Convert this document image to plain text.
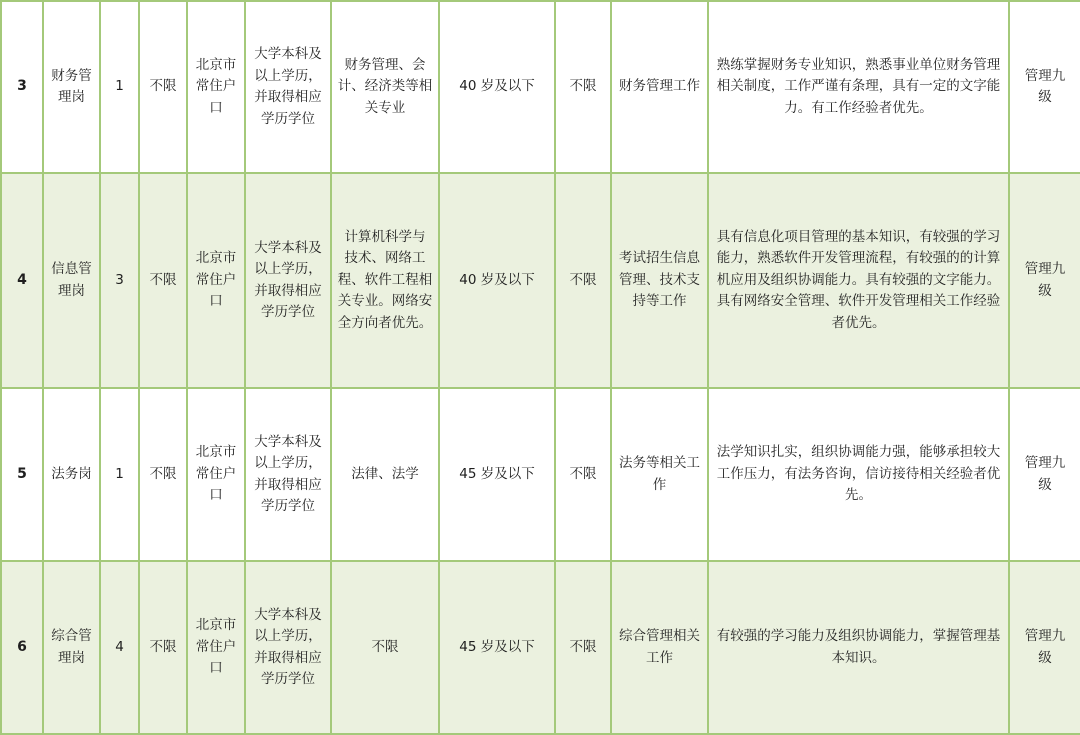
3	财务管
理岗	1	不限	北京市
常住户
口	大学本科及
以上学历，
并取得相应
学历学位	财务管理、会
计、经济类等相
关专业	40 岁及以下	不限	财务管理工作	熟练掌握财务专业知识，熟悉事业单位财务管理
相关制度，工作严谨有条理，具有一定的文字能
力。有工作经验者优先。	管理九
级
4	信息管
理岗	3	不限	北京市
常住户
口	大学本科及
以上学历，
并取得相应
学历学位	计算机科学与
技术、网络工
程、软件工程相
关专业。网络安
全方向者优先。	40 岁及以下	不限	考试招生信息
管理、技术支
持等工作	具有信息化项目管理的基本知识，有较强的学习
能力，熟悉软件开发管理流程，有较强的的计算
机应用及组织协调能力。具有较强的文字能力。
具有网络安全管理、软件开发管理相关工作经验
者优先。	管理九
级
5	法务岗	1	不限	北京市
常住户
口	大学本科及
以上学历，
并取得相应
学历学位	法律、法学	45 岁及以下	不限	法务等相关工
作	法学知识扎实，组织协调能力强，能够承担较大
工作压力，有法务咨询，信访接待相关经验者优
先。	管理九
级
6	综合管
理岗	4	不限	北京市
常住户
口	大学本科及
以上学历，
并取得相应
学历学位	不限	45 岁及以下	不限	综合管理相关
工作	有较强的学习能力及组织协调能力，掌握管理基
本知识。	管理九
级
